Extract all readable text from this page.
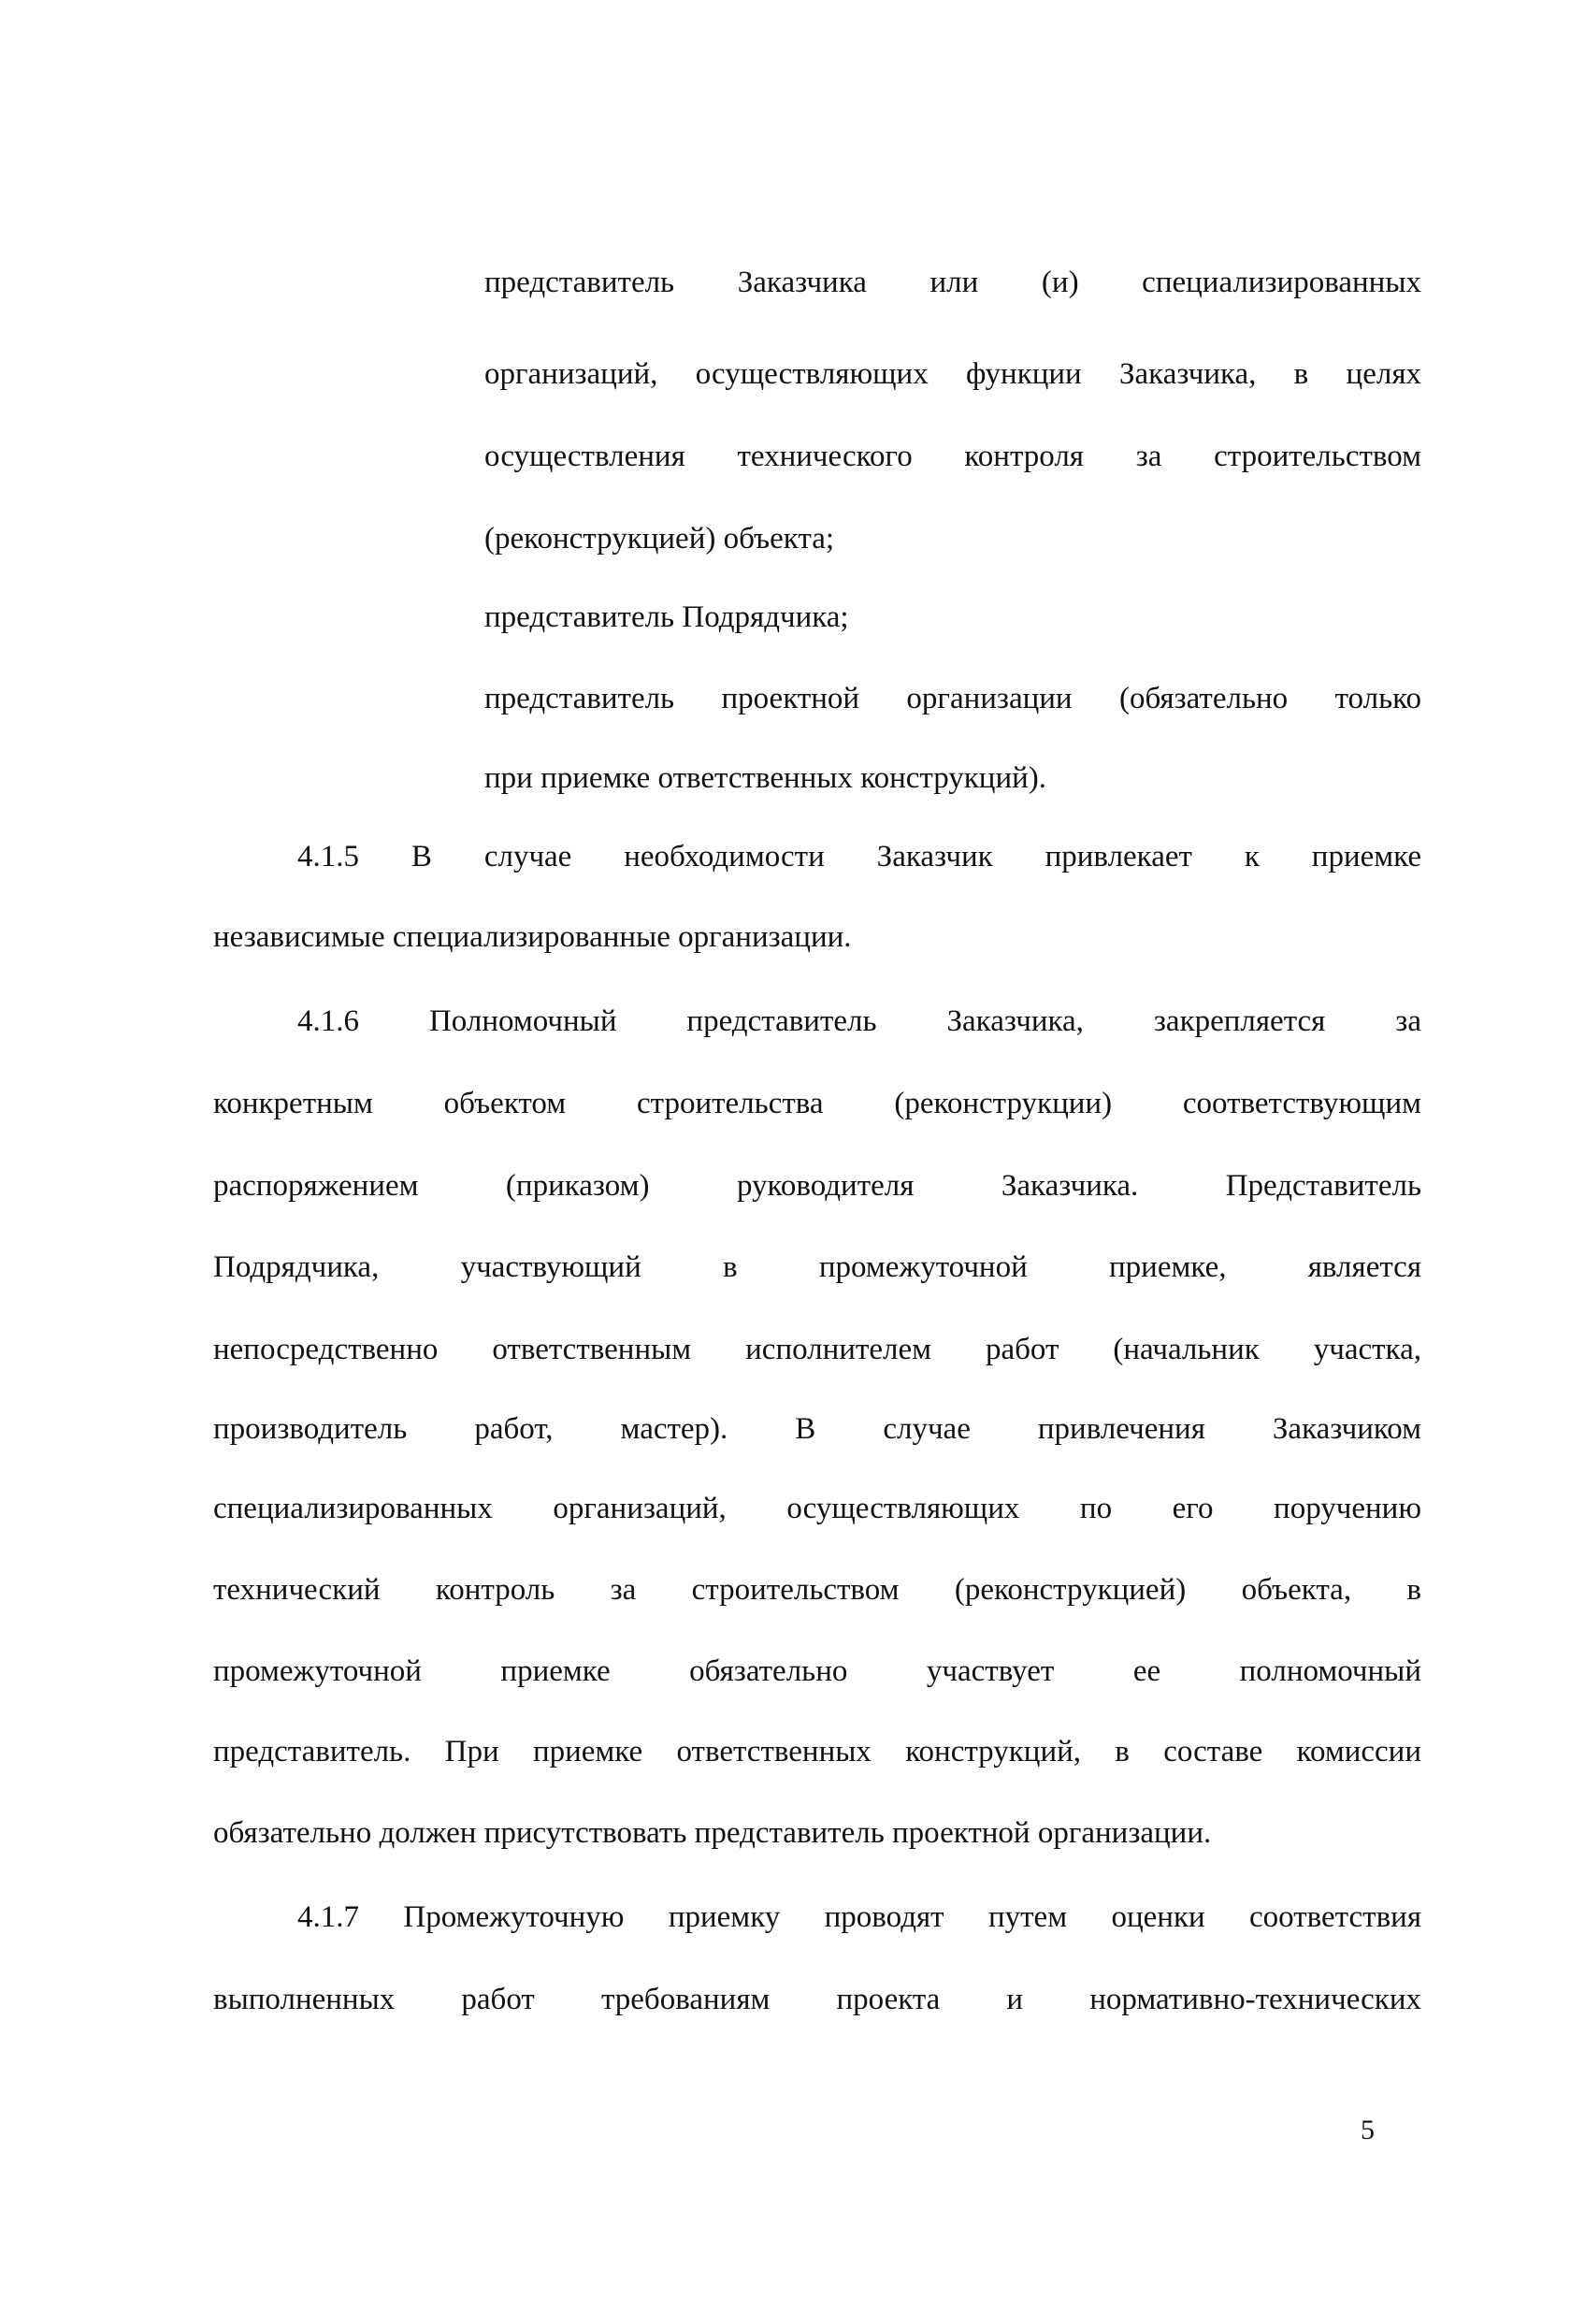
представитель Заказчика или (и) специализированных

организаций, осуществляющих функции Заказчика, в целях

осуществления технического контроля за строительством

(реконструкцией) объекта;

представитель Подрядчика;

представитель проектной организации (обязательно только

при приемке ответственных конструкций).

4.1.5 В случае необходимости Заказчик привлекает к приемке

независимые специализированные организации.

4.1.6 Полномочный представитель Заказчика, закрепляется за

конкретным объектом строительства (реконструкции) соответствующим

распоряжением (приказом) руководителя Заказчика. Представитель

Подрядчика, участвующий в промежуточной приемке, является

непосредственно ответственным исполнителем работ (начальник участка,

производитель работ, мастер). В случае привлечения Заказчиком

специализированных организаций, осуществляющих по его поручению

технический контроль за строительством (реконструкцией) объекта, в

промежуточной приемке обязательно участвует ее полномочный

представитель. При приемке ответственных конструкций, в составе комиссии

обязательно должен присутствовать представитель проектной организации.

4.1.7 Промежуточную приемку проводят путем оценки соответствия

выполненных работ требованиям проекта и нормативно-технических

5
